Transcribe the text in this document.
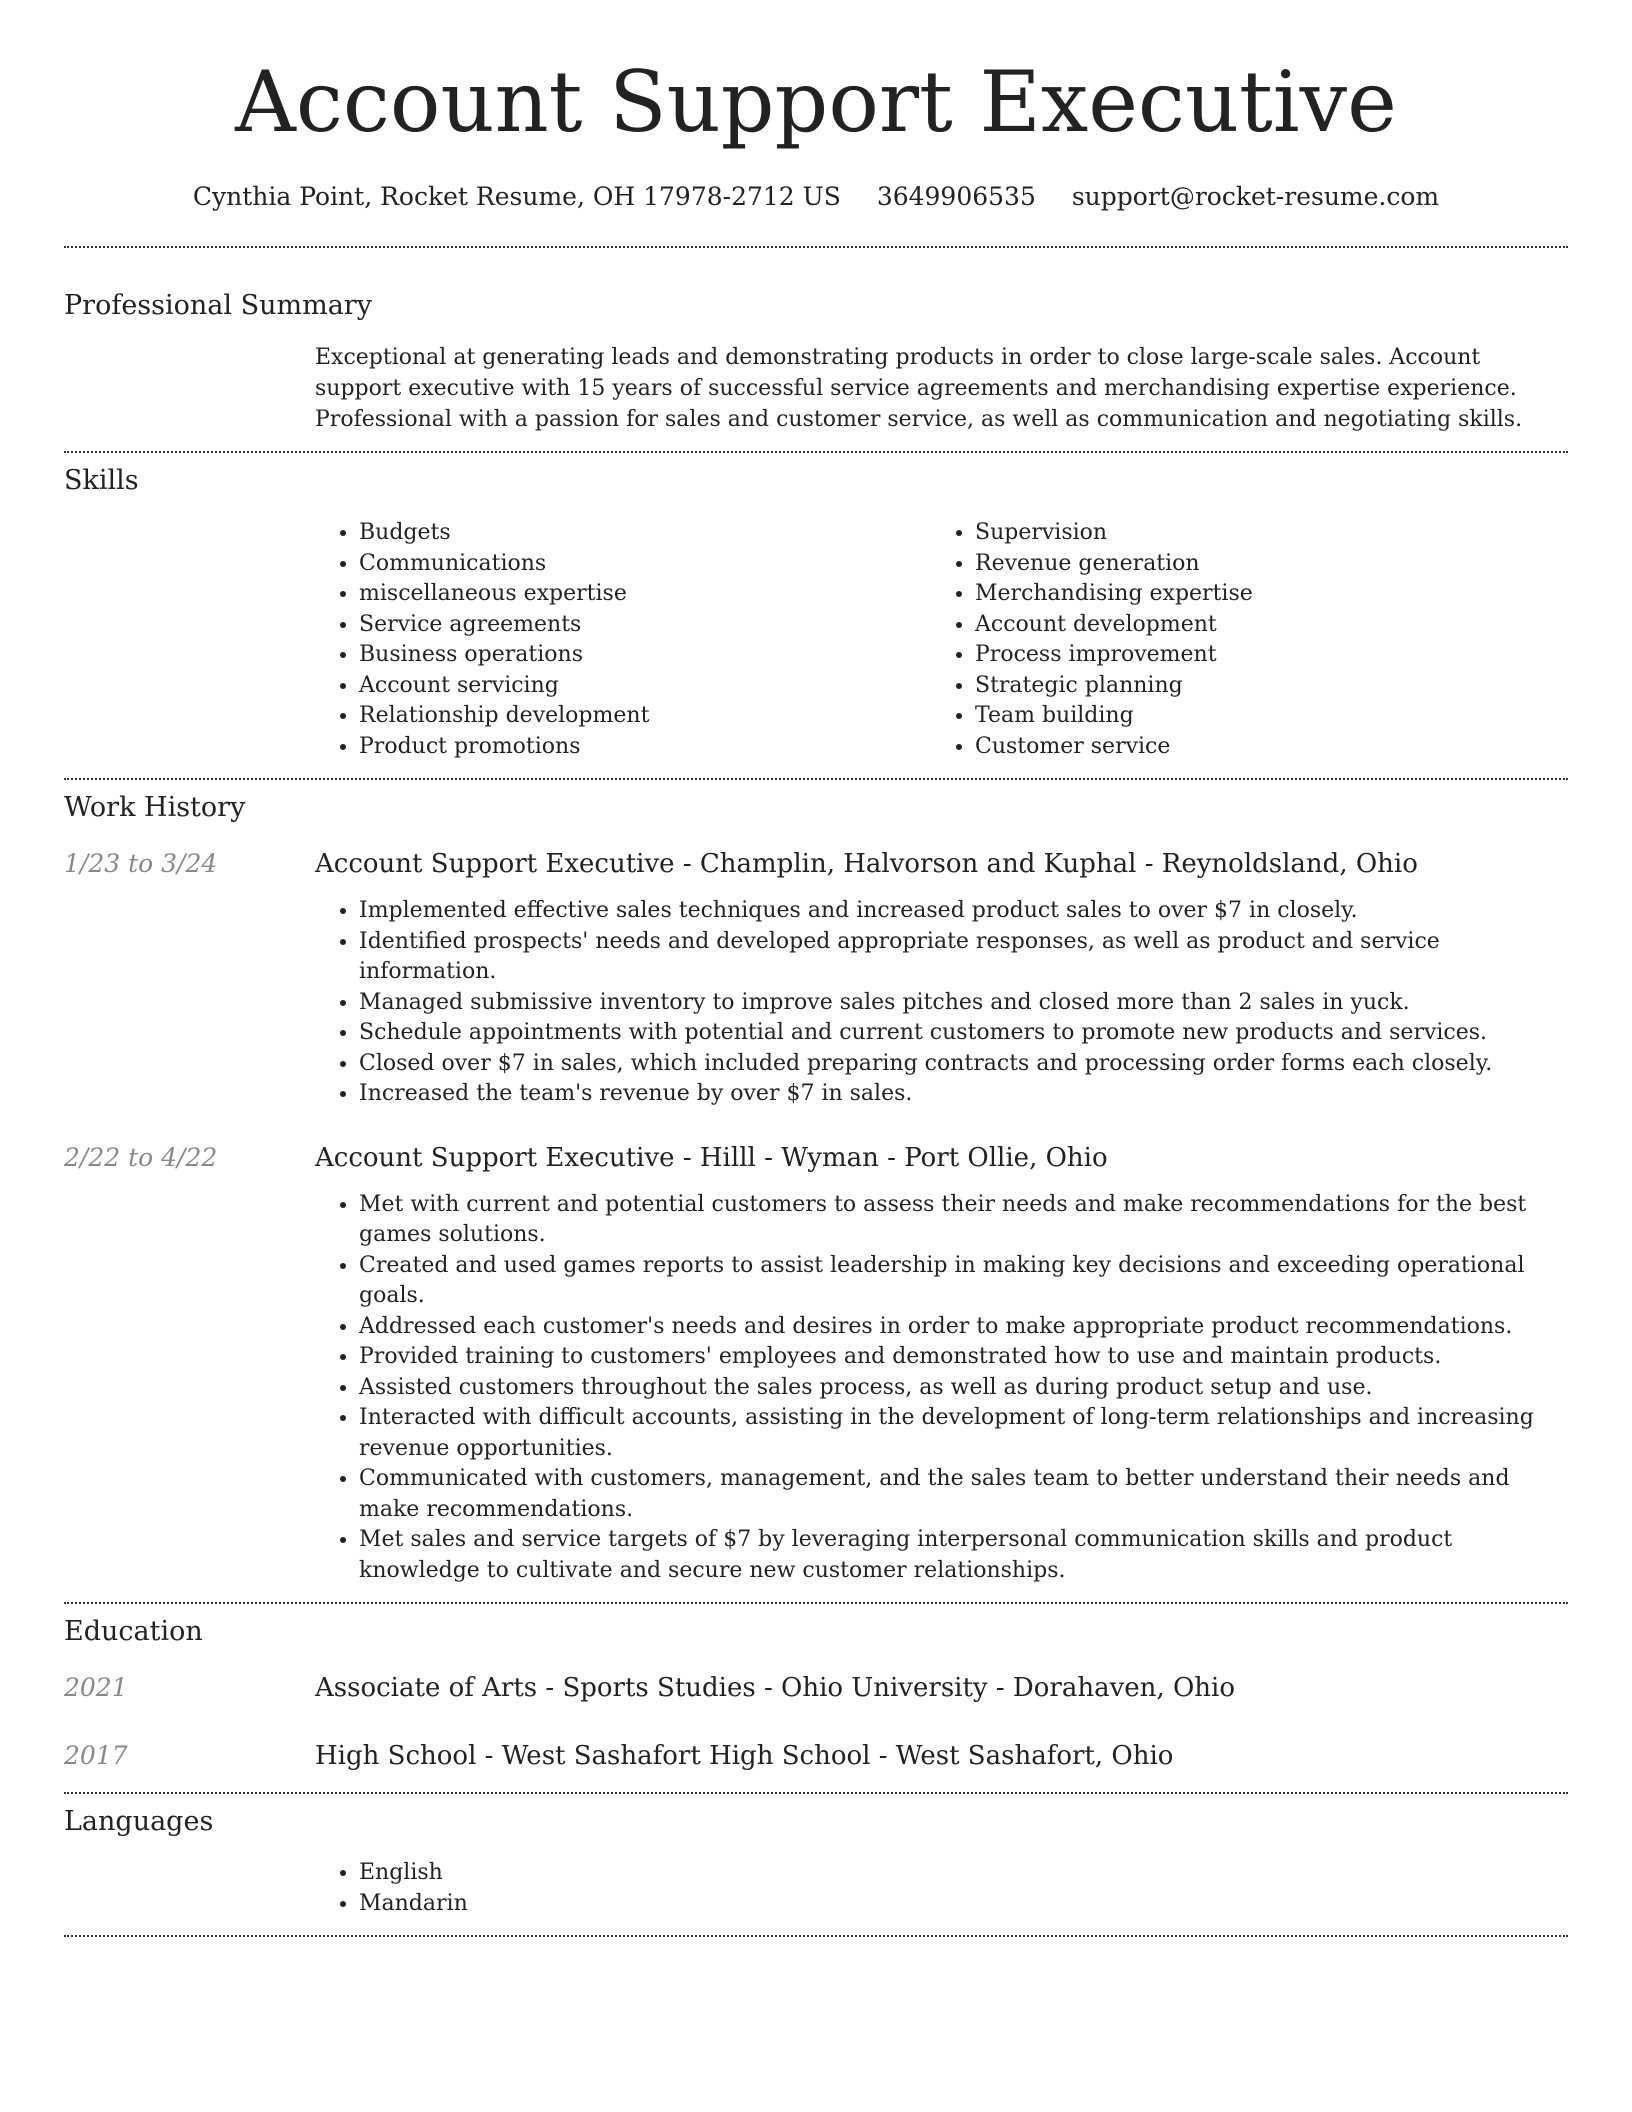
Account Support Executive
Cynthia Point, Rocket Resume, OH 17978-2712 US 3649906535 support@rocket-resume.com
Professional Summary

Exceptional at generating leads and demonstrating products in order to close large-scale sales. Account support executive with 15 years of successful service agreements and merchandising expertise experience. Professional with a passion for sales and customer service, as well as communication and negotiating skills.

Skills
• Budgets
• Communications
• miscellaneous expertise
• Service agreements
• Business operations
• Account servicing
• Relationship development
• Product promotions
• Supervision
• Revenue generation
• Merchandising expertise
• Account development
• Process improvement
• Strategic planning
• Team building
• Customer service
Work History
1/23 to 3/24	Account Support Executive - Champlin, Halvorson and Kuphal - Reynoldsland, Ohio
• Implemented effective sales techniques and increased product sales to over $7 in closely.
• Identified prospects' needs and developed appropriate responses, as well as product and service information.
• Managed submissive inventory to improve sales pitches and closed more than 2 sales in yuck.
• Schedule appointments with potential and current customers to promote new products and services.
• Closed over $7 in sales, which included preparing contracts and processing order forms each closely.
• Increased the team's revenue by over $7 in sales.
2/22 to 4/22	Account Support Executive - Hilll - Wyman - Port Ollie, Ohio
• Met with current and potential customers to assess their needs and make recommendations for the best games solutions.
• Created and used games reports to assist leadership in making key decisions and exceeding operational goals.
• Addressed each customer's needs and desires in order to make appropriate product recommendations.
• Provided training to customers' employees and demonstrated how to use and maintain products.
• Assisted customers throughout the sales process, as well as during product setup and use.
• Interacted with difficult accounts, assisting in the development of long-term relationships and increasing revenue opportunities.
• Communicated with customers, management, and the sales team to better understand their needs and make recommendations.
• Met sales and service targets of $7 by leveraging interpersonal communication skills and product knowledge to cultivate and secure new customer relationships.
Education
2021	Associate of Arts - Sports Studies - Ohio University - Dorahaven, Ohio
2017	High School - West Sashafort High School - West Sashafort, Ohio
Languages
• English
• Mandarin
